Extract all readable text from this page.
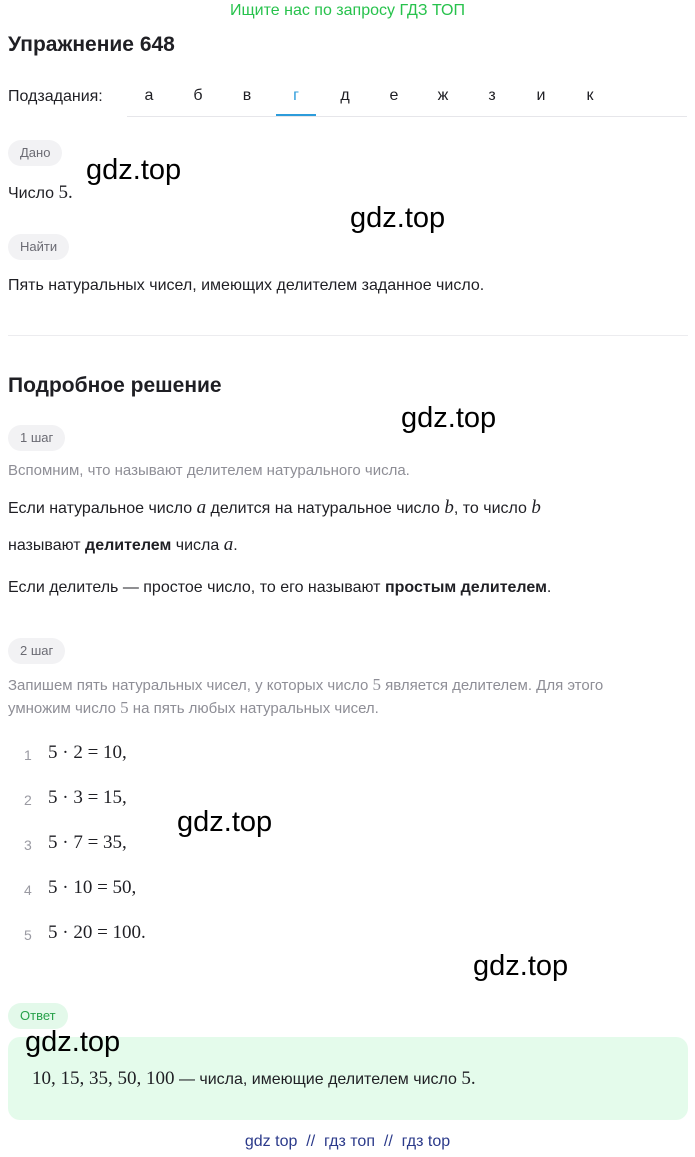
Ищите нас по запросу ГДЗ ТОП
Упражнение 648
Подзадания:	а	б	в	г	д	е	ж	з	и	к
Дано
Число 5.
Найти
Пять натуральных чисел, имеющих делителем заданное число.
Подробное решение
1 шаг
Вспомним, что называют делителем натурального числа.
Если натуральное число a делится на натуральное число b, то число b
называют делителем числа a.
Если делитель — простое число, то его называют простым делителем.
2 шаг
Запишем пять натуральных чисел, у которых число 5 является делителем. Для этого
умножим число 5 на пять любых натуральных чисел.
1 5 · 2 = 10,
2 5 · 3 = 15,
3 5 · 7 = 35,
4 5 · 10 = 50,
5 5 · 20 = 100.
Ответ
10, 15, 35, 50, 100 — числа, имеющие делителем число 5.
gdz.top
gdz.top
gdz.top
gdz.top
gdz.top
gdz.top
gdz top  //  гдз топ  //  гдз top
